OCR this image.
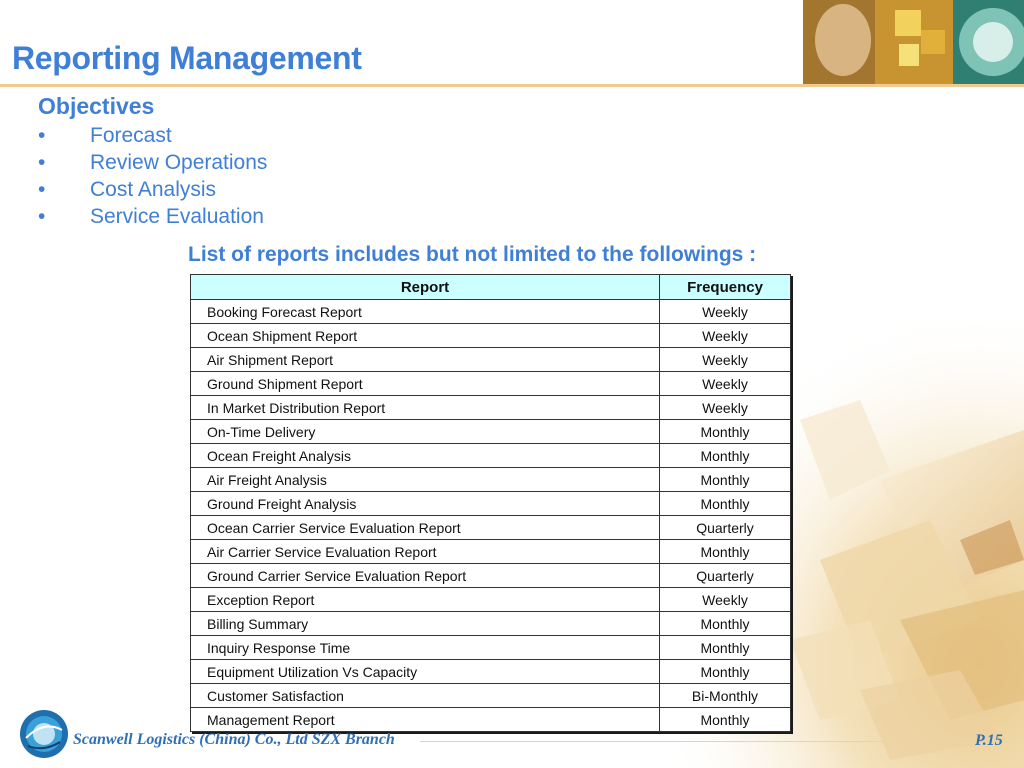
Reporting Management
Objectives
• Forecast
• Review Operations
• Cost Analysis
• Service Evaluation
List of reports includes but not limited to the followings :
Report	Frequency
Booking Forecast Report	Weekly
Ocean Shipment Report	Weekly
Air Shipment Report	Weekly
Ground Shipment Report	Weekly
In Market Distribution Report	Weekly
On-Time Delivery	Monthly
Ocean Freight Analysis	Monthly
Air Freight Analysis	Monthly
Ground Freight Analysis	Monthly
Ocean Carrier Service Evaluation Report	Quarterly
Air Carrier Service Evaluation Report	Monthly
Ground Carrier Service Evaluation Report	Quarterly
Exception Report	Weekly
Billing Summary	Monthly
Inquiry Response Time	Monthly
Equipment Utilization Vs Capacity	Monthly
Customer Satisfaction	Bi-Monthly
Management Report	Monthly
Scanwell Logistics (China) Co., Ltd SZX Branch	P.15
